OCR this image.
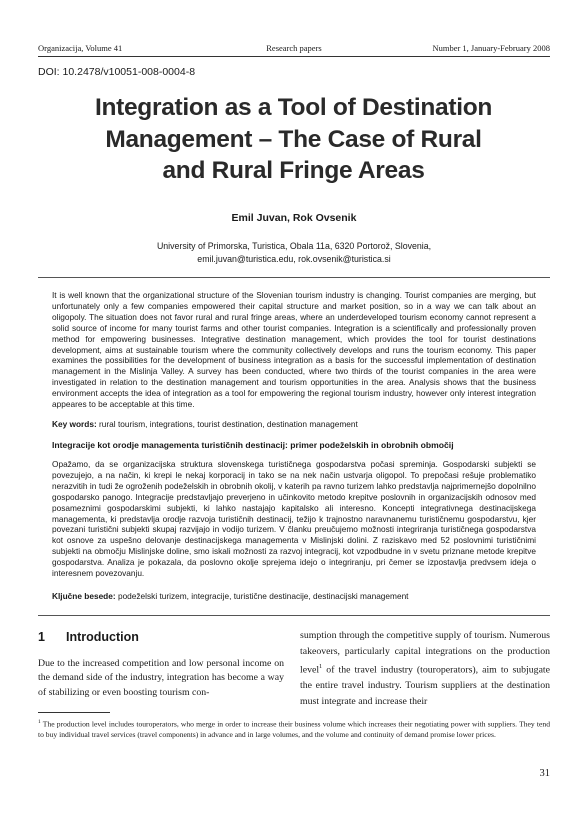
Organizacija, Volume 41	Research papers	Number 1, January-February 2008
DOI: 10.2478/v10051-008-0004-8
Integration as a Tool of Destination
Management – The Case of Rural
and Rural Fringe Areas
Emil Juvan, Rok Ovsenik
University of Primorska, Turistica, Obala 11a, 6320 Portorož, Slovenia,
emil.juvan@turistica.edu, rok.ovsenik@turistica.si
It is well known that the organizational structure of the Slovenian tourism industry is changing. Tourist companies are merging, but unfortunately only a few companies empowered their capital structure and market position, so in a way we can talk about an oligopoly. The situation does not favor rural and rural fringe areas, where an underdeveloped tourism economy cannot represent a solid source of income for many tourist farms and other tourist companies. Integration is a scientifically and professionally proven method for empowering businesses. Integrative destination management, which provides the tool for tourist destinations development, aims at sustainable tourism where the community collectively develops and runs the tourism economy. This paper examines the possibilities for the development of business integration as a basis for the successful implementation of destination management in the Mislinja Valley. A survey has been conducted, where two thirds of the tourist companies in the area were investigated in relation to the destination management and tourism opportunities in the area. Analysis shows that the business environment accepts the idea of integration as a tool for empowering the regional tourism industry, however only interest integration appeares to be acceptable at this time.
Key words: rural tourism, integrations, tourist destination, destination management
Integracije kot orodje managementa turističnih destinacij: primer podeželskih in obrobnih območij
Opažamo, da se organizacijska struktura slovenskega turističnega gospodarstva počasi spreminja. Gospodarski subjekti se povezujejo, a na način, ki krepi le nekaj korporacij in tako se na nek način ustvarja oligopol. To prepočasi rešuje problematiko nerazvitih in tudi že ogroženih podeželskih in obrobnih okolij, v katerih pa ravno turizem lahko predstavlja najprimernejšo dopolnilno gospodarsko panogo. Integracije predstavljajo preverjeno in učinkovito metodo krepitve poslovnih in organizacijskih odnosov med posameznimi gospodarskimi subjekti, ki lahko nastajajo kapitalsko ali interesno. Koncepti integrativnega destinacijskega managementa, ki predstavlja orodje razvoja turističnih destinacij, težijo k trajnostno naravnanemu turističnemu gospodarstvu, kjer povezani turistični subjekti skupaj razvijajo in vodijo turizem. V članku preučujemo možnosti integriranja turističnega gospodarstva kot osnove za uspešno delovanje destinacijskega managementa v Mislinjski dolini. Z raziskavo med 52 poslovnimi turističnimi subjekti na območju Mislinjske doline, smo iskali možnosti za razvoj integracij, kot vzpodbudne in v svetu priznane metode krepitve gospodarstva. Analiza je pokazala, da poslovno okolje sprejema idejo o integriranju, pri čemer se izpostavlja predvsem ideja o interesnem povezovanju.
Ključne besede: podeželski turizem, integracije, turistične destinacije, destinacijski management
1 Introduction
Due to the increased competition and low personal income on the demand side of the industry, integration has become a way of stabilizing or even boosting tourism con-
sumption through the competitive supply of tourism. Numerous takeovers, particularly capital integrations on the production level$^1$ of the travel industry (touroperators), aim to subjugate the entire travel industry. Tourism suppliers at the destination must integrate and increase their
$^1$ The production level includes touroperators, who merge in order to increase their business volume which increases their negotiating power with suppliers. They tend to buy individual travel services (travel components) in advance and in large volumes, and the volume and continuity of demand promise lower prices.
31
